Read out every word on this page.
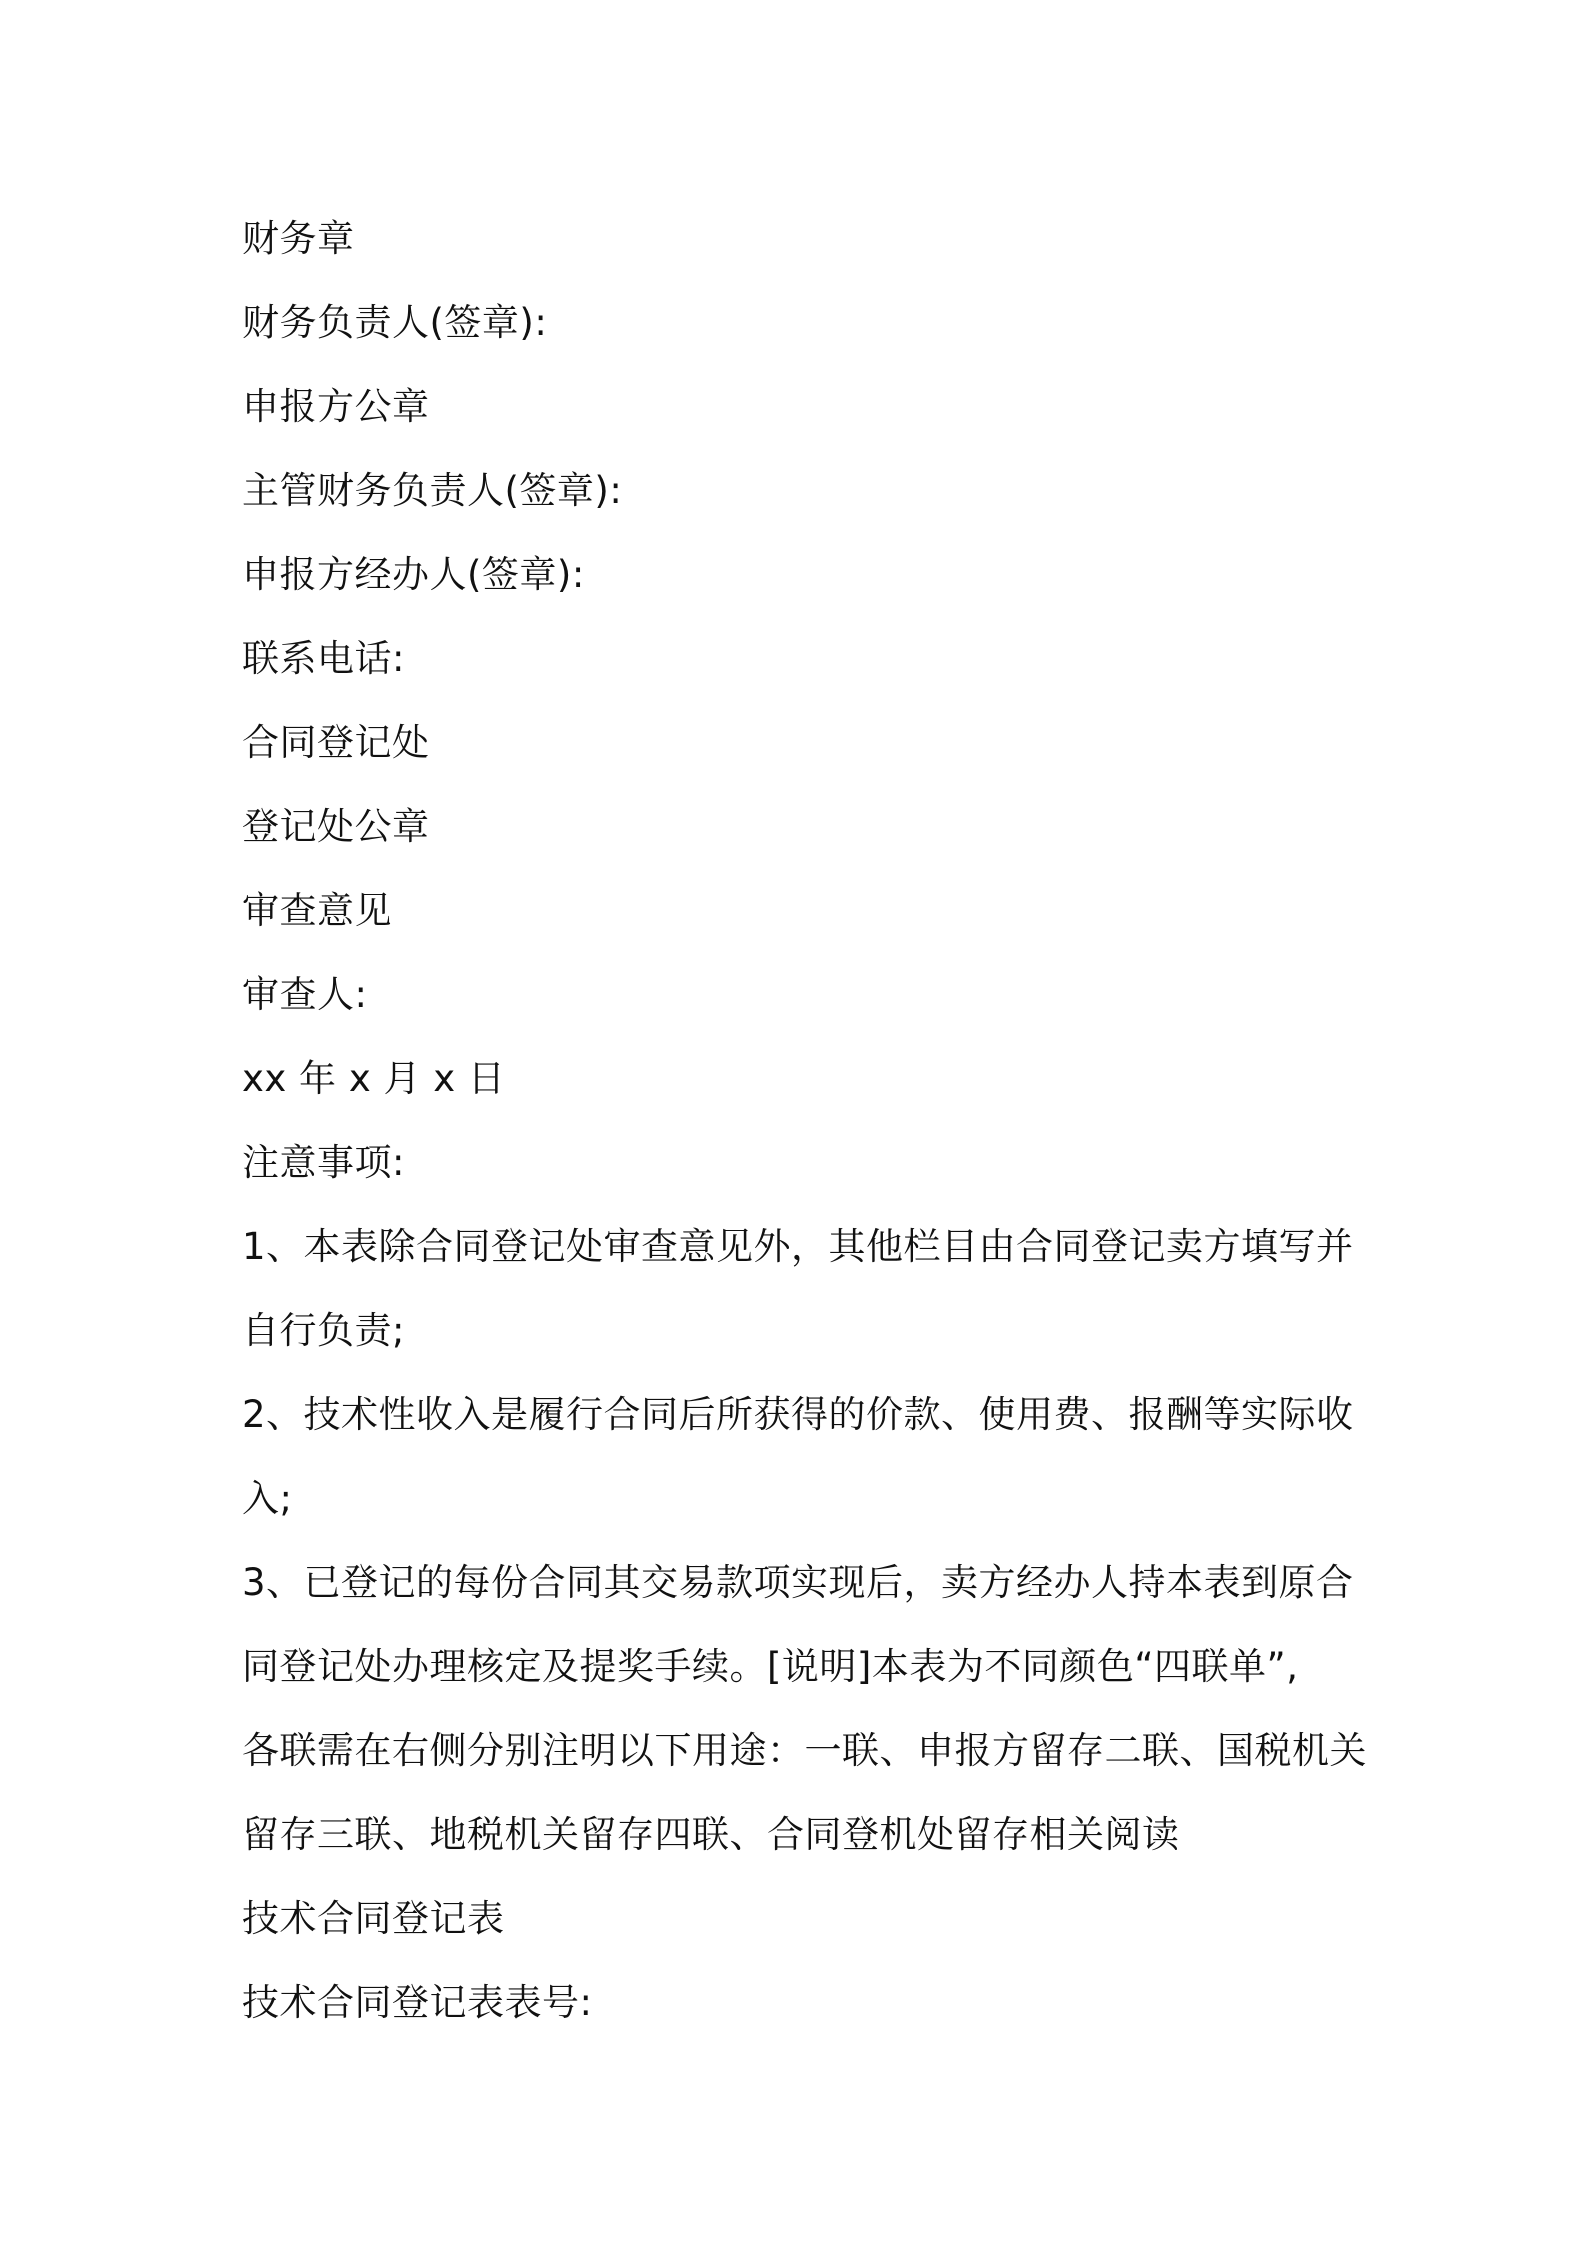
财务章
财务负责人(签章):
申报方公章
主管财务负责人(签章):
申报方经办人(签章):
联系电话:
合同登记处
登记处公章
审查意见
审查人:
xx 年 x 月 x 日
注意事项:
1、本表除合同登记处审查意见外，其他栏目由合同登记卖方填写并
自行负责;
2、技术性收入是履行合同后所获得的价款、使用费、报酬等实际收
入;
3、已登记的每份合同其交易款项实现后，卖方经办人持本表到原合
同登记处办理核定及提奖手续。[说明]本表为不同颜色“四联单”,
各联需在右侧分别注明以下用途：一联、申报方留存二联、国税机关
留存三联、地税机关留存四联、合同登机处留存相关阅读
技术合同登记表
技术合同登记表表号:
